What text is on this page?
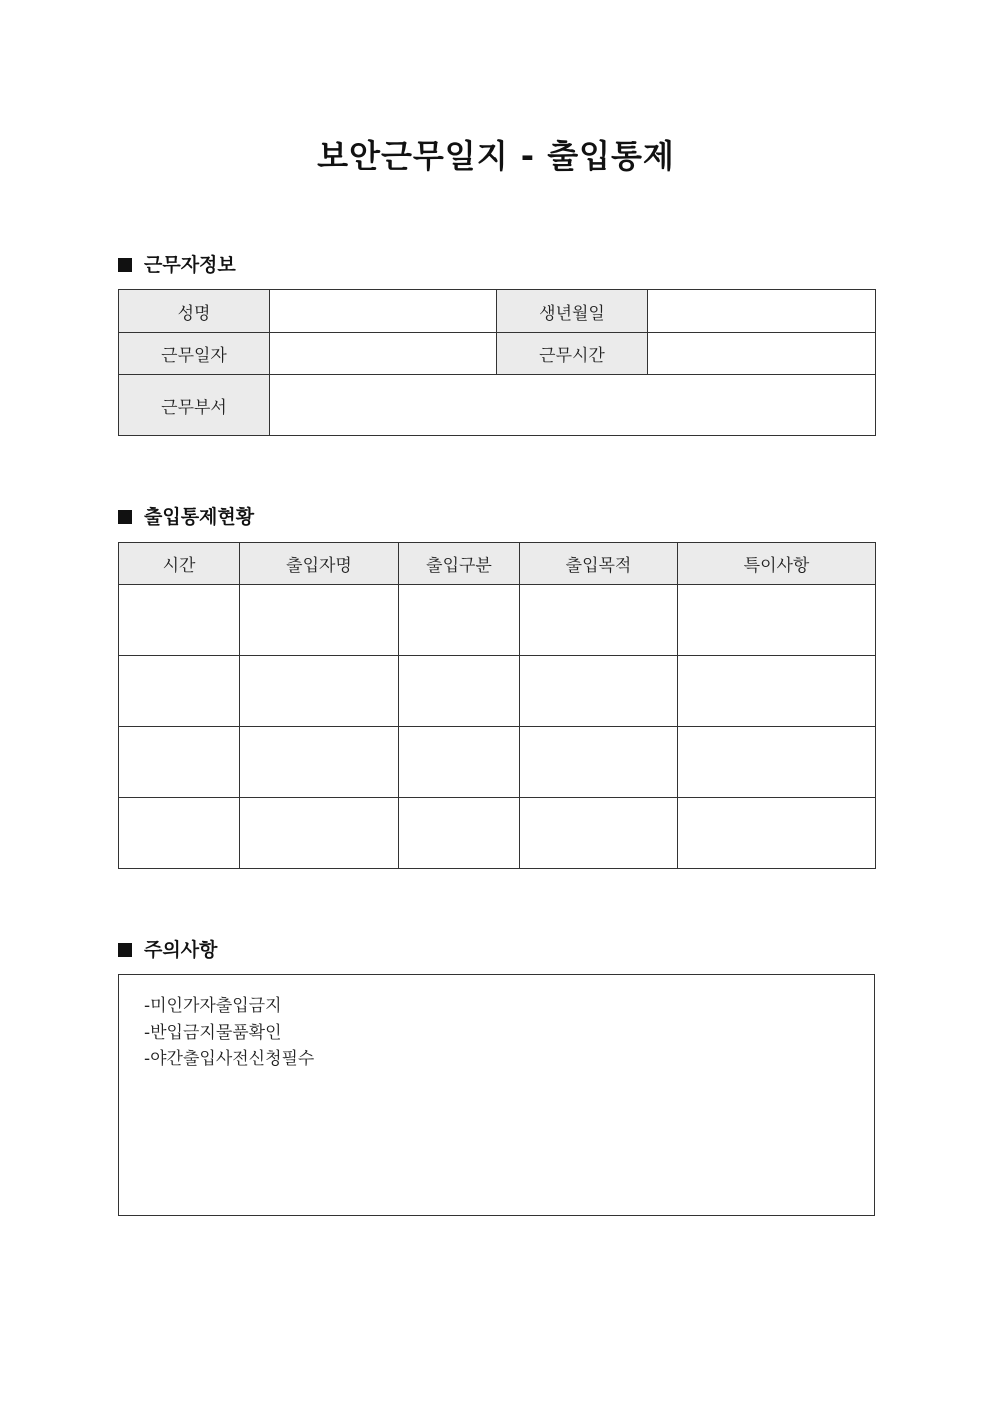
보안근무일지 - 출입통제
근무자정보
성명		생년월일	
근무일자		근무시간	
근무부서			
출입통제현황
시간	출입자명	출입구분	출입목적	특이사항

주의사항
-미인가자출입금지
-반입금지물품확인
-야간출입사전신청필수
